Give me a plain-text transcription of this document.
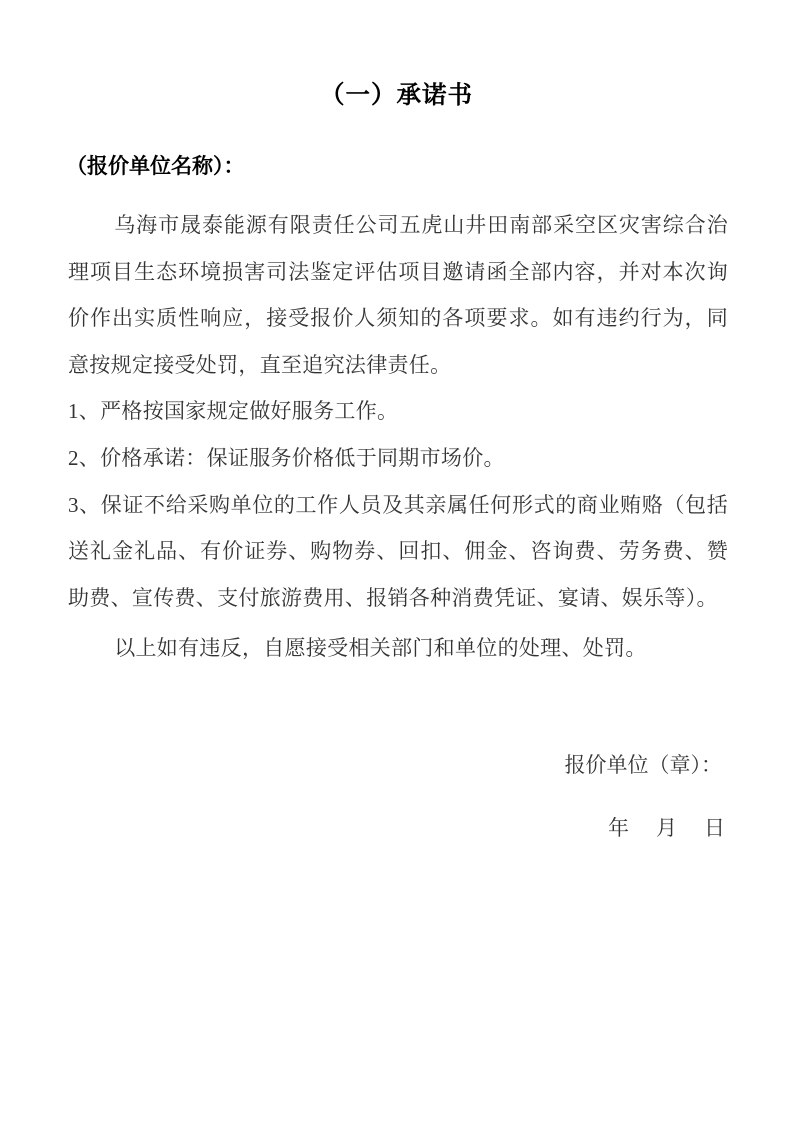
（一）承诺书
（报价单位名称）：
乌海市晟泰能源有限责任公司五虎山井田南部采空区灾害综合治
理项目生态环境损害司法鉴定评估项目邀请函全部内容，并对本次询
价作出实质性响应，接受报价人须知的各项要求。如有违约行为，同
意按规定接受处罚，直至追究法律责任。
1、严格按国家规定做好服务工作。
2、价格承诺：保证服务价格低于同期市场价。
3、保证不给采购单位的工作人员及其亲属任何形式的商业贿赂（包括
送礼金礼品、有价证券、购物券、回扣、佣金、咨询费、劳务费、赞
助费、宣传费、支付旅游费用、报销各种消费凭证、宴请、娱乐等）。
以上如有违反，自愿接受相关部门和单位的处理、处罚。
报价单位（章）：
年　月　日
